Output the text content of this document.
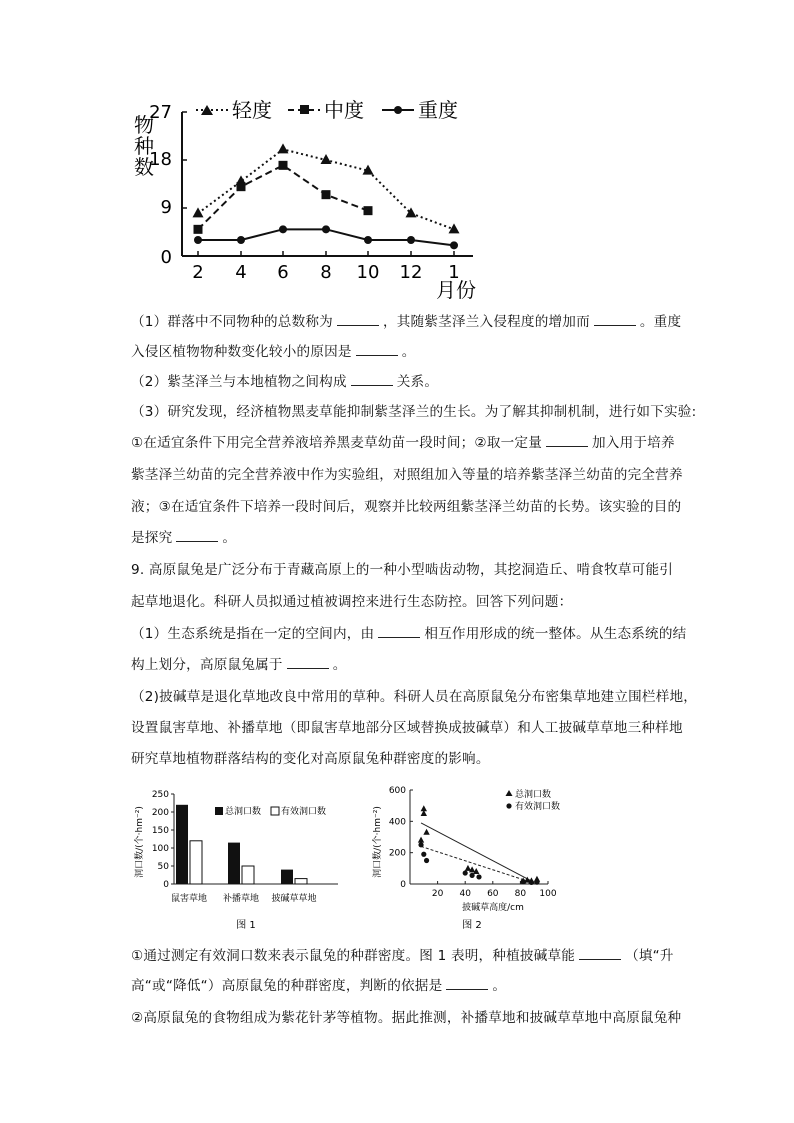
2 4 6 8 10 12 1
物
种
数
27
18
9
0
月份
轻度	中度	重度
（1）群落中不同物种的总数称为	，其随紫茎泽兰入侵程度的增加而	。重度
入侵区植物物种数变化较小的原因是	。
（2）紫茎泽兰与本地植物之间构成	关系。
（3）研究发现，经济植物黑麦草能抑制紫茎泽兰的生长。为了解其抑制机制，进行如下实验:
①在适宜条件下用完全营养液培养黑麦草幼苗一段时间；②取一定量	加入用于培养
紫茎泽兰幼苗的完全营养液中作为实验组，对照组加入等量的培养紫茎泽兰幼苗的完全营养
液；③在适宜条件下培养一段时间后，观察并比较两组紫茎泽兰幼苗的长势。该实验的目的
是探究	。
9. 高原鼠兔是广泛分布于青藏高原上的一种小型啮齿动物，其挖洞造丘、啃食牧草可能引
起草地退化。科研人员拟通过植被调控来进行生态防控。回答下列问题：
（1）生态系统是指在一定的空间内，由	相互作用形成的统一整体。从生态系统的结
构上划分，高原鼠兔属于	。
（2)披碱草是退化草地改良中常用的草种。科研人员在高原鼠兔分布密集草地建立围栏样地，
设置鼠害草地、补播草地（即鼠害草地部分区域替换成披碱草）和人工披碱草草地三种样地
研究草地植物群落结构的变化对高原鼠兔种群密度的影响。
0
50
100
150
200
250
洞口数/(个·hm⁻²)	总洞口数 有效洞口数
鼠害草地 补播草地 披碱草草地
图 1
0
200
400
600
20 40 60 80 100
洞口数/(个·hm⁻²)
总洞口数
有效洞口数
披碱草高度/cm
图 2
①通过测定有效洞口数来表示鼠兔的种群密度。图 1 表明，种植披碱草能	（填“升
高“或“降低“）高原鼠兔的种群密度，判断的依据是	。
②高原鼠兔的食物组成为紫花针茅等植物。据此推测，补播草地和披碱草草地中高原鼠兔种
